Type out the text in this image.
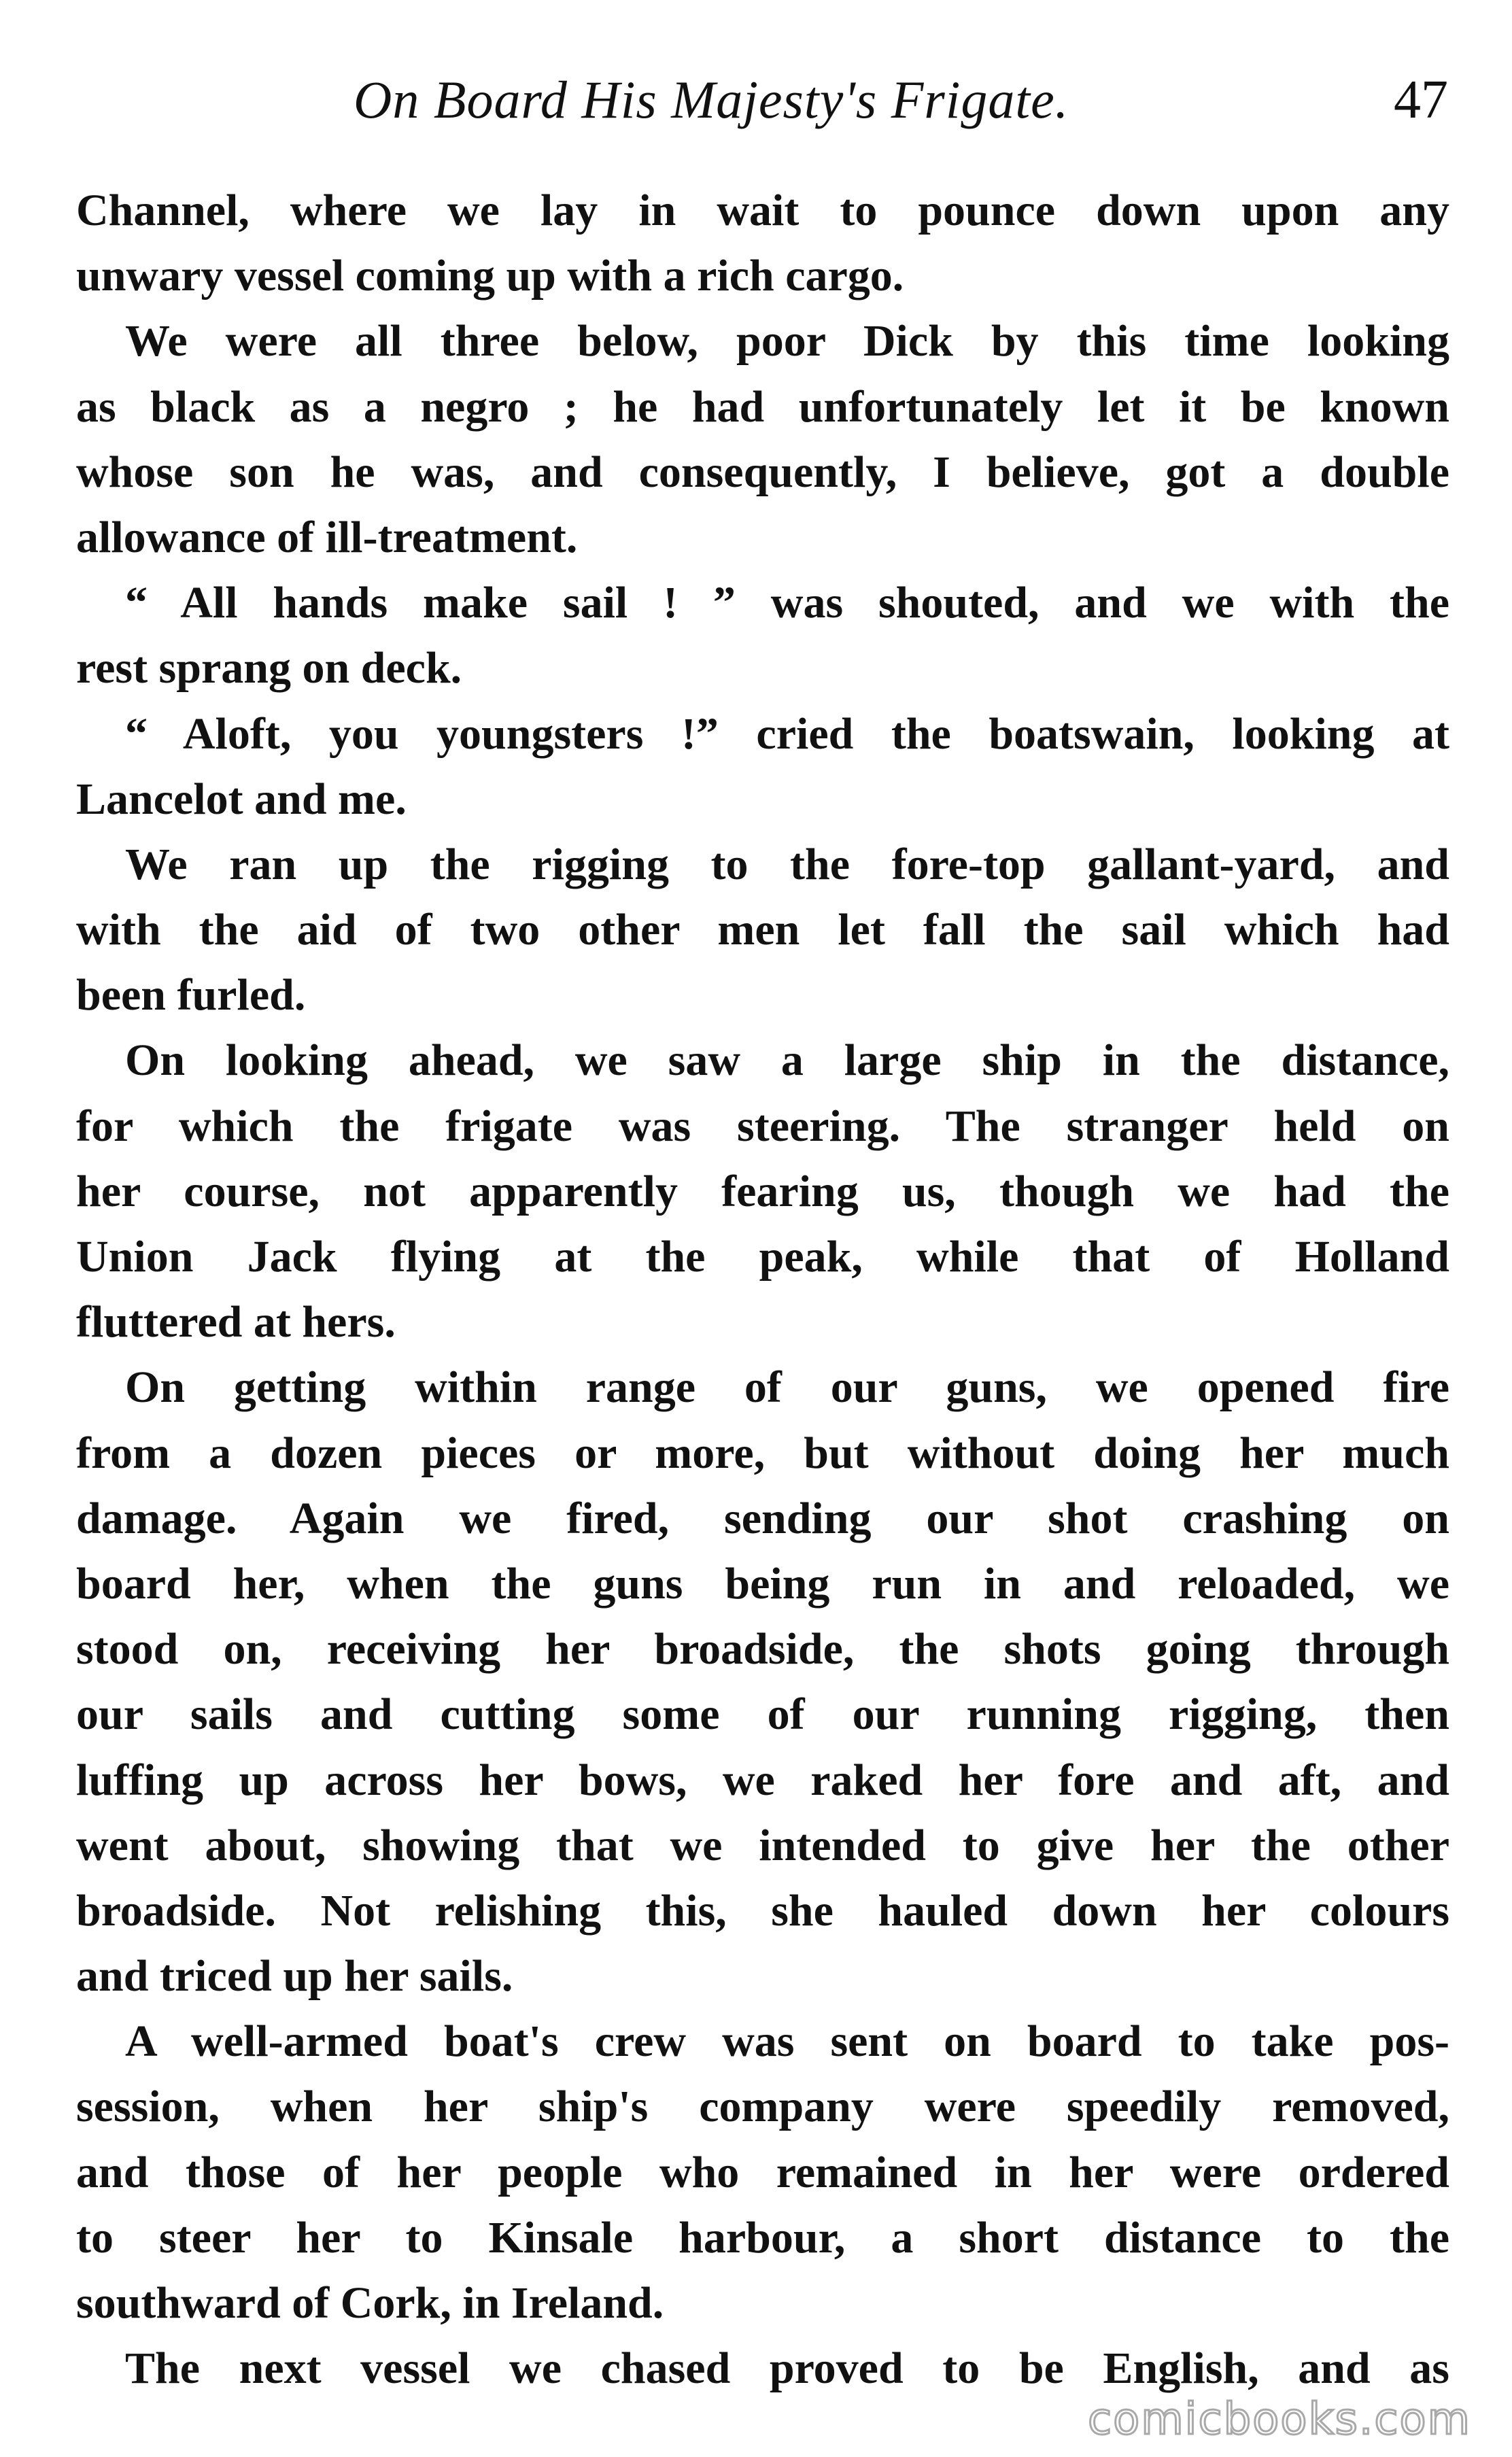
On Board His Majesty's Frigate.	47
Channel, where we lay in wait to pounce down upon any
unwary vessel coming up with a rich cargo.
We were all three below, poor Dick by this time looking
as black as a negro ; he had unfortunately let it be known
whose son he was, and consequently, I believe, got a double
allowance of ill-treatment.
“ All hands make sail ! ” was shouted, and we with the
rest sprang on deck.
“ Aloft, you youngsters !” cried the boatswain, looking at
Lancelot and me.
We ran up the rigging to the fore-top gallant-yard, and
with the aid of two other men let fall the sail which had
been furled.
On looking ahead, we saw a large ship in the distance,
for which the frigate was steering. The stranger held on
her course, not apparently fearing us, though we had the
Union Jack flying at the peak, while that of Holland
fluttered at hers.
On getting within range of our guns, we opened fire
from a dozen pieces or more, but without doing her much
damage. Again we fired, sending our shot crashing on
board her, when the guns being run in and reloaded, we
stood on, receiving her broadside, the shots going through
our sails and cutting some of our running rigging, then
luffing up across her bows, we raked her fore and aft, and
went about, showing that we intended to give her the other
broadside. Not relishing this, she hauled down her colours
and triced up her sails.
A well-armed boat's crew was sent on board to take pos-
session, when her ship's company were speedily removed,
and those of her people who remained in her were ordered
to steer her to Kinsale harbour, a short distance to the
southward of Cork, in Ireland.
The next vessel we chased proved to be English, and as
comicbooks.com
